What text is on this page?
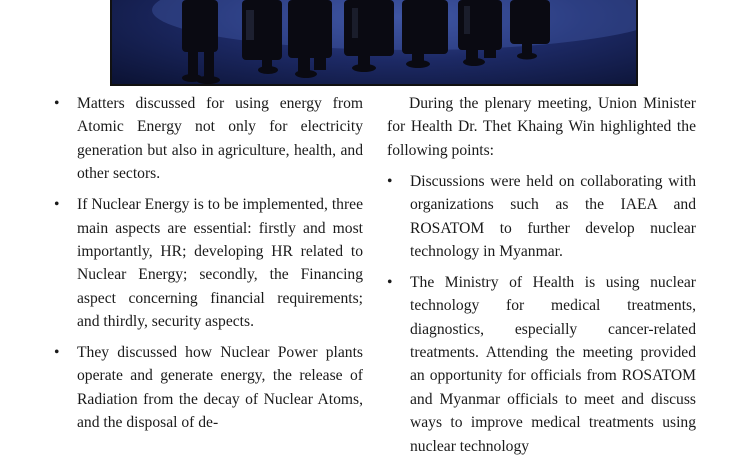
•	Matters discussed for using energy from Atomic Energy not only for electricity generation but also in agriculture, health, and other sectors.
•	If Nuclear Energy is to be implemented, three main aspects are essential: firstly and most importantly, HR; developing HR related to Nuclear Energy; secondly, the Financing aspect concerning financial requirements; and thirdly, security aspects.
•	They discussed how Nuclear Power plants operate and generate energy, the release of Radiation from the decay of Nuclear Atoms, and the disposal of de-

During the plenary meeting, Union Minister for Health Dr. Thet Khaing Win highlighted the following points:

•	Discussions were held on collaborating with organizations such as the IAEA and ROSATOM to further develop nuclear technology in Myanmar.
•	The Ministry of Health is using nuclear technology for medical treatments, diagnostics, especially cancer-related treatments. Attending the meeting provided an opportunity for officials from ROSATOM and Myanmar officials to meet and discuss ways to improve medical treatments using nuclear technology
